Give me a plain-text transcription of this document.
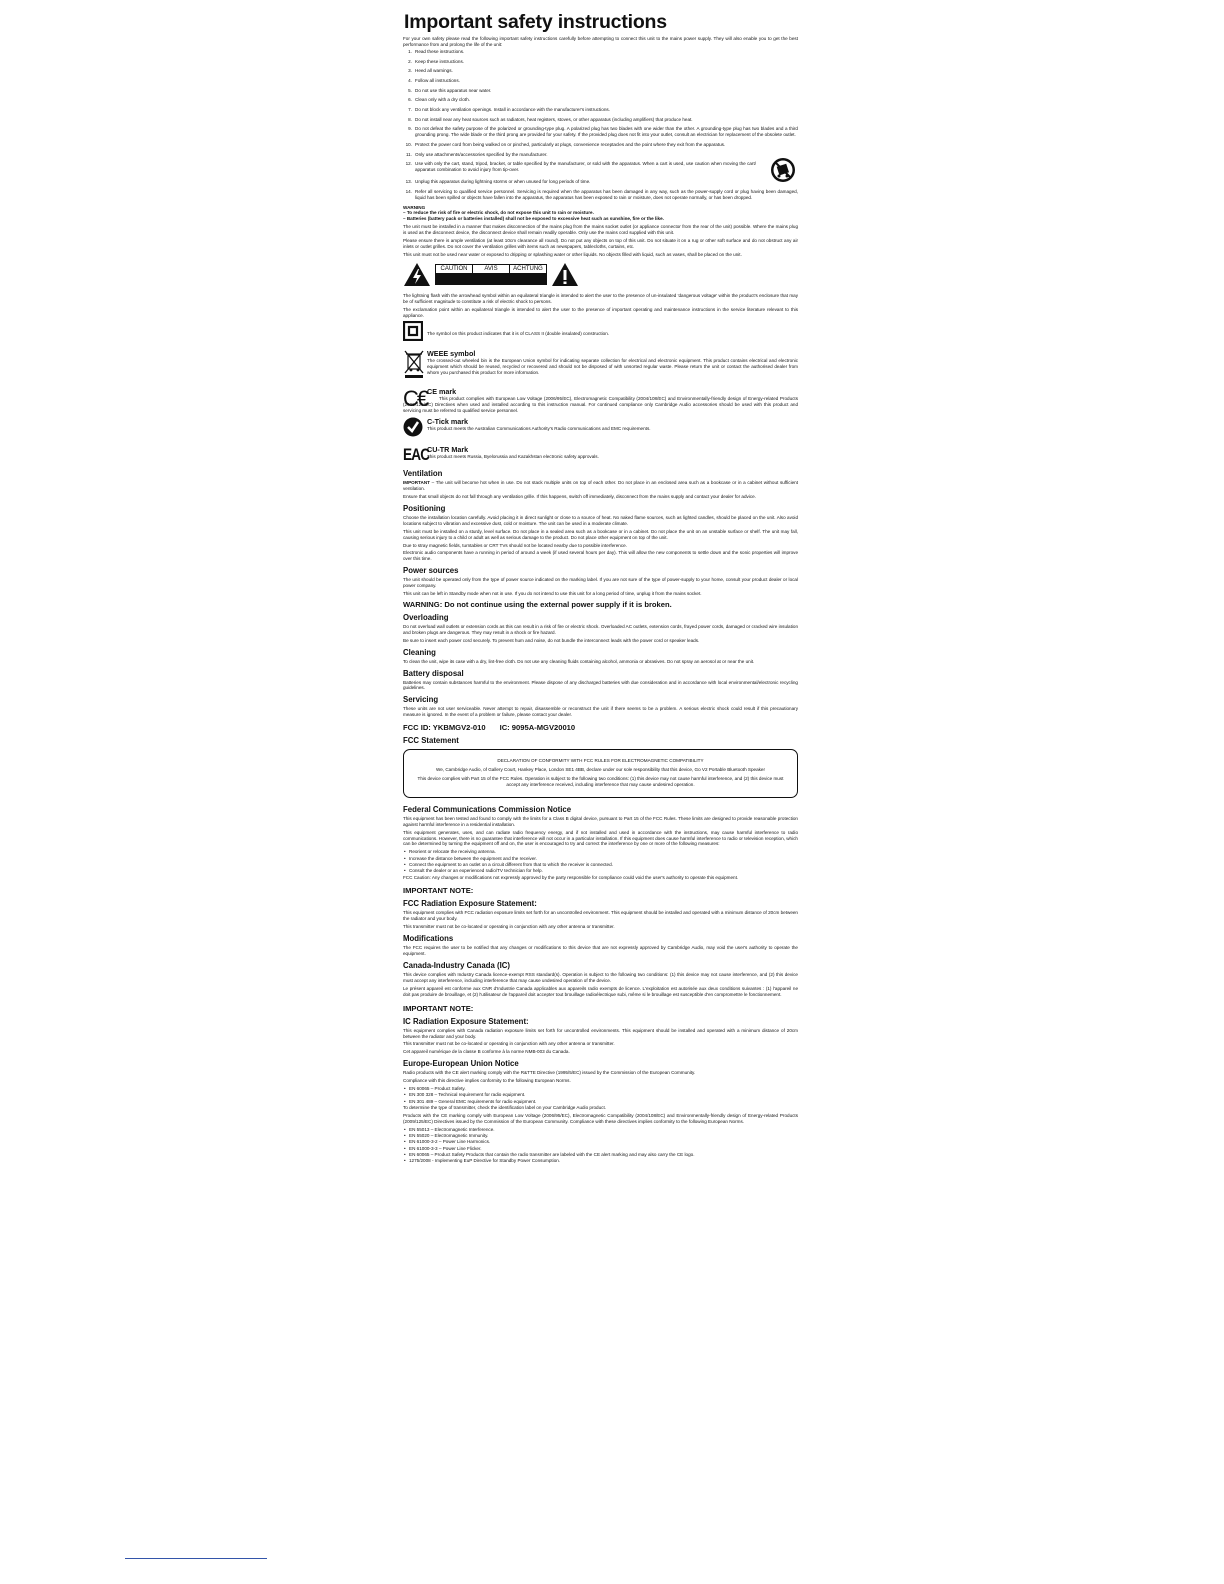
Important safety instructions

For your own safety please read the following important safety instructions carefully before attempting to connect this unit to the mains power supply. They will also enable you to get the best performance from and prolong the life of the unit:

1. Read these instructions.
2. Keep these instructions.
3. Heed all warnings.
4. Follow all instructions.
5. Do not use this apparatus near water.
6. Clean only with a dry cloth.
7. Do not block any ventilation openings. Install in accordance with the manufacturer's instructions.
8. Do not install near any heat sources such as radiators, heat registers, stoves, or other apparatus (including amplifiers) that produce heat.
9. Do not defeat the safety purpose of the polarized or grounding-type plug. A polarized plug has two blades with one wider than the other. A grounding-type plug has two blades and a third grounding prong. The wide blade or the third prong are provided for your safety. If the provided plug does not fit into your outlet, consult an electrician for replacement of the obsolete outlet.
10. Protect the power cord from being walked on or pinched, particularly at plugs, convenience receptacles and the point where they exit from the apparatus.
11. Only use attachments/accessories specified by the manufacturer.
12. Use with only the cart, stand, tripod, bracket, or table specified by the manufacturer, or sold with the apparatus. When a cart is used, use caution when moving the cart/ apparatus combination to avoid injury from tip-over.
13. Unplug this apparatus during lightning storms or when unused for long periods of time.
14. Refer all servicing to qualified service personnel. Servicing is required when the apparatus has been damaged in any way, such as the power-supply cord or plug having been damaged, liquid has been spilled or objects have fallen into the apparatus, the apparatus has been exposed to rain or moisture, does not operate normally, or has been dropped.
WARNING
– To reduce the risk of fire or electric shock, do not expose this unit to rain or moisture.
– Batteries (battery pack or batteries installed) shall not be exposed to excessive heat such as sunshine, fire or the like.

The unit must be installed in a manner that makes disconnection of the mains plug from the mains socket outlet (or appliance connector from the rear of the unit) possible. Where the mains plug is used as the disconnect device, the disconnect device shall remain readily operable. Only use the mains cord supplied with this unit.

Please ensure there is ample ventilation (at least 10cm clearance all round). Do not put any objects on top of this unit. Do not situate it on a rug or other soft surface and do not obstruct any air inlets or outlet grilles. Do not cover the ventilation grilles with items such as newspapers, tablecloths, curtains, etc.

This unit must not be used near water or exposed to dripping or splashing water or other liquids. No objects filled with liquid, such as vases, shall be placed on the unit.

CAUTION	AVIS	ACHTUNG

The lightning flash with the arrowhead symbol within an equilateral triangle is intended to alert the user to the presence of un-insulated 'dangerous voltage' within the product's enclosure that may be of sufficient magnitude to constitute a risk of electric shock to persons.

The exclamation point within an equilateral triangle is intended to alert the user to the presence of important operating and maintenance instructions in the service literature relevant to this appliance.

The symbol on this product indicates that it is of CLASS II (double insulated) construction.

WEEE symbol

The crossed-out wheeled bin is the European Union symbol for indicating separate collection for electrical and electronic equipment. This product contains electrical and electronic equipment which should be reused, recycled or recovered and should not be disposed of with unsorted regular waste. Please return the unit or contact the authorised dealer from whom you purchased this product for more information.

C€ CE mark

This product complies with European Low Voltage (2006/95/EC), Electromagnetic Compatibility (2004/108/EC) and Environmentally-friendly design of Energy-related Products (2009/125/EC) Directives when used and installed according to this instruction manual. For continued compliance only Cambridge Audio accessories should be used with this product and servicing must be referred to qualified service personnel.

C-Tick mark

This product meets the Australian Communications Authority's Radio communications and EMC requirements.

EAC
CU-TR Mark

This product meets Russia, Byelorussia and Kazakhstan electronic safety approvals.

Ventilation

IMPORTANT – The unit will become hot when in use. Do not stack multiple units on top of each other. Do not place in an enclosed area such as a bookcase or in a cabinet without sufficient ventilation.

Ensure that small objects do not fall through any ventilation grille. If this happens, switch off immediately, disconnect from the mains supply and contact your dealer for advice.

Positioning

Choose the installation location carefully. Avoid placing it in direct sunlight or close to a source of heat. No naked flame sources, such as lighted candles, should be placed on the unit. Also avoid locations subject to vibration and excessive dust, cold or moisture. The unit can be used in a moderate climate.

This unit must be installed on a sturdy, level surface. Do not place in a sealed area such as a bookcase or in a cabinet. Do not place the unit on an unstable surface or shelf. The unit may fall, causing serious injury to a child or adult as well as serious damage to the product. Do not place other equipment on top of the unit.

Due to stray magnetic fields, turntables or CRT TVs should not be located nearby due to possible interference.

Electronic audio components have a running in period of around a week (if used several hours per day). This will allow the new components to settle down and the sonic properties will improve over this time.

Power sources

The unit should be operated only from the type of power source indicated on the marking label. If you are not sure of the type of power-supply to your home, consult your product dealer or local power company.

This unit can be left in Standby mode when not in use. If you do not intend to use this unit for a long period of time, unplug it from the mains socket.

WARNING: Do not continue using the external power supply if it is broken.
Overloading

Do not overload wall outlets or extension cords as this can result in a risk of fire or electric shock. Overloaded AC outlets, extension cords, frayed power cords, damaged or cracked wire insulation and broken plugs are dangerous. They may result in a shock or fire hazard.

Be sure to insert each power cord securely. To prevent hum and noise, do not bundle the interconnect leads with the power cord or speaker leads.

Cleaning

To clean the unit, wipe its case with a dry, lint-free cloth. Do not use any cleaning fluids containing alcohol, ammonia or abrasives. Do not spray an aerosol at or near the unit.

Battery disposal

Batteries may contain substances harmful to the environment. Please dispose of any discharged batteries with due consideration and in accordance with local environmental/electronic recycling guidelines.

Servicing

These units are not user serviceable. Never attempt to repair, disassemble or reconstruct the unit if there seems to be a problem. A serious electric shock could result if this precautionary measure is ignored. In the event of a problem or failure, please contact your dealer.

FCC ID: YKBMGV2-010 IC: 9095A-MGV20010
FCC Statement

DECLARATION OF CONFORMITY WITH FCC RULES FOR ELECTROMAGNETIC COMPATIBILITY

We, Cambridge Audio, of Gallery Court, Hankey Place, London SE1 4BB, declare under our sole responsibility that this device, Go V2 Portable Bluetooth Speaker

This device complies with Part 15 of the FCC Rules. Operation is subject to the following two conditions: (1) this device may not cause harmful interference, and (2) this device must accept any interference received, including interference that may cause undesired operation.

Federal Communications Commission Notice

This equipment has been tested and found to comply with the limits for a Class B digital device, pursuant to Part 15 of the FCC Rules. These limits are designed to provide reasonable protection against harmful interference in a residential installation.

This equipment generates, uses, and can radiate radio frequency energy, and if not installed and used in accordance with the instructions, may cause harmful interference to radio communications. However, there is no guarantee that interference will not occur in a particular installation. If this equipment does cause harmful interference to radio or television reception, which can be determined by turning the equipment off and on, the user is encouraged to try and correct the interference by one or more of the following measures:

• Reorient or relocate the receiving antenna.
• Increase the distance between the equipment and the receiver.
• Connect the equipment to an outlet on a circuit different from that to which the receiver is connected.
• Consult the dealer or an experienced radio/TV technician for help.

FCC Caution: Any changes or modifications not expressly approved by the party responsible for compliance could void the user's authority to operate this equipment.

IMPORTANT NOTE:
FCC Radiation Exposure Statement:

This equipment complies with FCC radiation exposure limits set forth for an uncontrolled environment. This equipment should be installed and operated with a minimum distance of 20cm between the radiator and your body.

This transmitter must not be co-located or operating in conjunction with any other antenna or transmitter.

Modifications

The FCC requires the user to be notified that any changes or modifications to this device that are not expressly approved by Cambridge Audio, may void the user's authority to operate the equipment.

Canada-Industry Canada (IC)

This device complies with Industry Canada licence-exempt RSS standard(s). Operation is subject to the following two conditions: (1) this device may not cause interference, and (2) this device must accept any interference, including interference that may cause undesired operation of the device.

Le présent appareil est conforme aux CNR d'Industrie Canada applicables aux appareils radio exempts de licence. L'exploitation est autorisée aux deux conditions suivantes : (1) l'appareil ne doit pas produire de brouillage, et (2) l'utilisateur de l'appareil doit accepter tout brouillage radioélectrique subi, même si le brouillage est susceptible d'en compromettre le fonctionnement.

IMPORTANT NOTE:
IC Radiation Exposure Statement:

This equipment complies with Canada radiation exposure limits set forth for uncontrolled environments. This equipment should be installed and operated with a minimum distance of 20cm between the radiator and your body.

This transmitter must not be co-located or operating in conjunction with any other antenna or transmitter.

Cet appareil numérique de la classe B conforme à la norme NMB-003 du Canada.

Europe-European Union Notice

Radio products with the CE alert marking comply with the R&TTE Directive (1995/5/EC) issued by the Commission of the European Community.

Compliance with this directive implies conformity to the following European Norms.

• EN 60065 – Product Safety.
• EN 300 328 – Technical requirement for radio equipment.
• EN 301 489 – General EMC requirements for radio equipment.

To determine the type of transmitter, check the identification label on your Cambridge Audio product.

Products with the CE marking comply with European Low Voltage (2006/95/EC), Electromagnetic Compatibility (2004/108/EC) and Environmentally-friendly design of Energy-related Products (2009/125/EC) Directives issued by the Commission of the European Community. Compliance with these directives implies conformity to the following European Norms.

• EN 55013 – Electromagnetic Interference.
• EN 55020 – Electromagnetic Immunity.
• EN 61000-3-2 – Power Line Harmonics.
• EN 61000-3-3 – Power Line Flicker.
• EN 60065 – Product Safety Products that contain the radio transmitter are labeled with the CE alert marking and may also carry the CE logo.
• 1275/2008 - Implementing EuP Directive for Standby Power Consumption.
